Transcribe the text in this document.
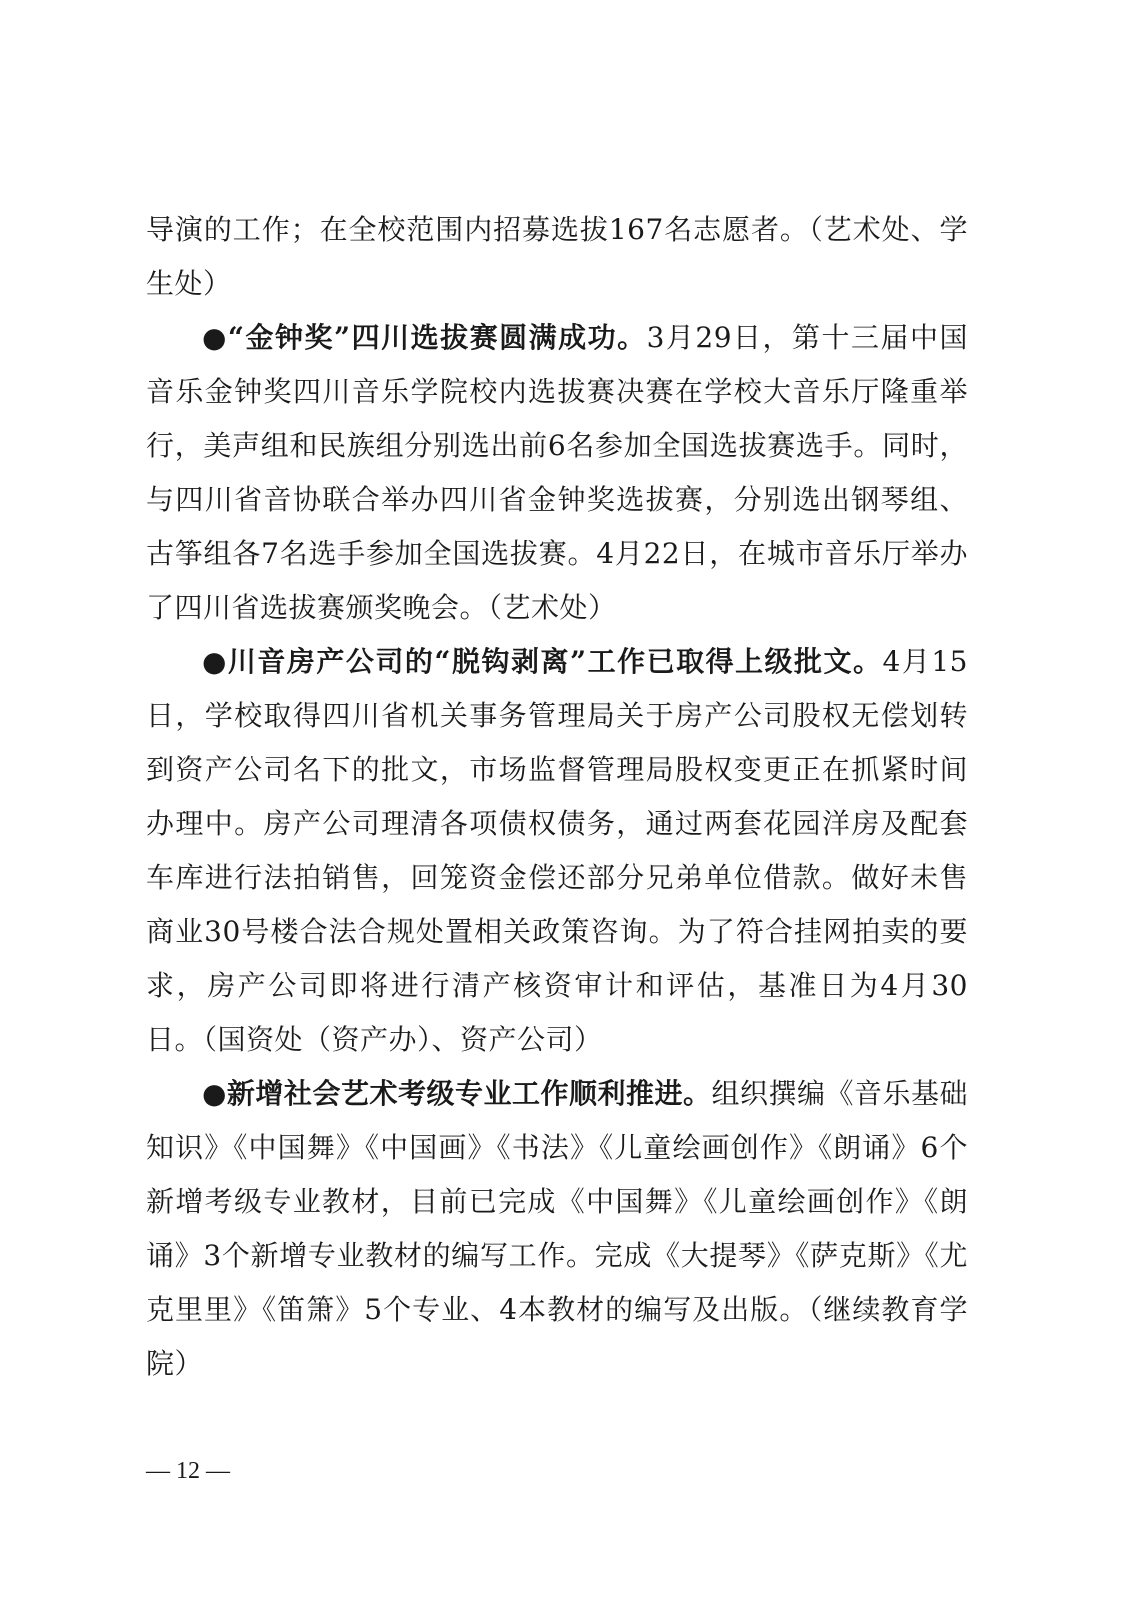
导演的工作；在全校范围内招募选拔167名志愿者。（艺术处、学生处）

●“金钟奖”四川选拔赛圆满成功。3月29日，第十三届中国音乐金钟奖四川音乐学院校内选拔赛决赛在学校大音乐厅隆重举行，美声组和民族组分别选出前6名参加全国选拔赛选手。同时，与四川省音协联合举办四川省金钟奖选拔赛，分别选出钢琴组、古筝组各7名选手参加全国选拔赛。4月22日，在城市音乐厅举办了四川省选拔赛颁奖晚会。（艺术处）

●川音房产公司的“脱钩剥离”工作已取得上级批文。4月15日，学校取得四川省机关事务管理局关于房产公司股权无偿划转到资产公司名下的批文，市场监督管理局股权变更正在抓紧时间办理中。房产公司理清各项债权债务，通过两套花园洋房及配套车库进行法拍销售，回笼资金偿还部分兄弟单位借款。做好未售商业30号楼合法合规处置相关政策咨询。为了符合挂网拍卖的要求，房产公司即将进行清产核资审计和评估，基准日为4月30日。（国资处（资产办）、资产公司）

●新增社会艺术考级专业工作顺利推进。组织撰编《音乐基础知识》《中国舞》《中国画》《书法》《儿童绘画创作》《朗诵》6个新增考级专业教材，目前已完成《中国舞》《儿童绘画创作》《朗诵》3个新增专业教材的编写工作。完成《大提琴》《萨克斯》《尤克里里》《笛箫》5个专业、4本教材的编写及出版。（继续教育学院）

— 12 —
